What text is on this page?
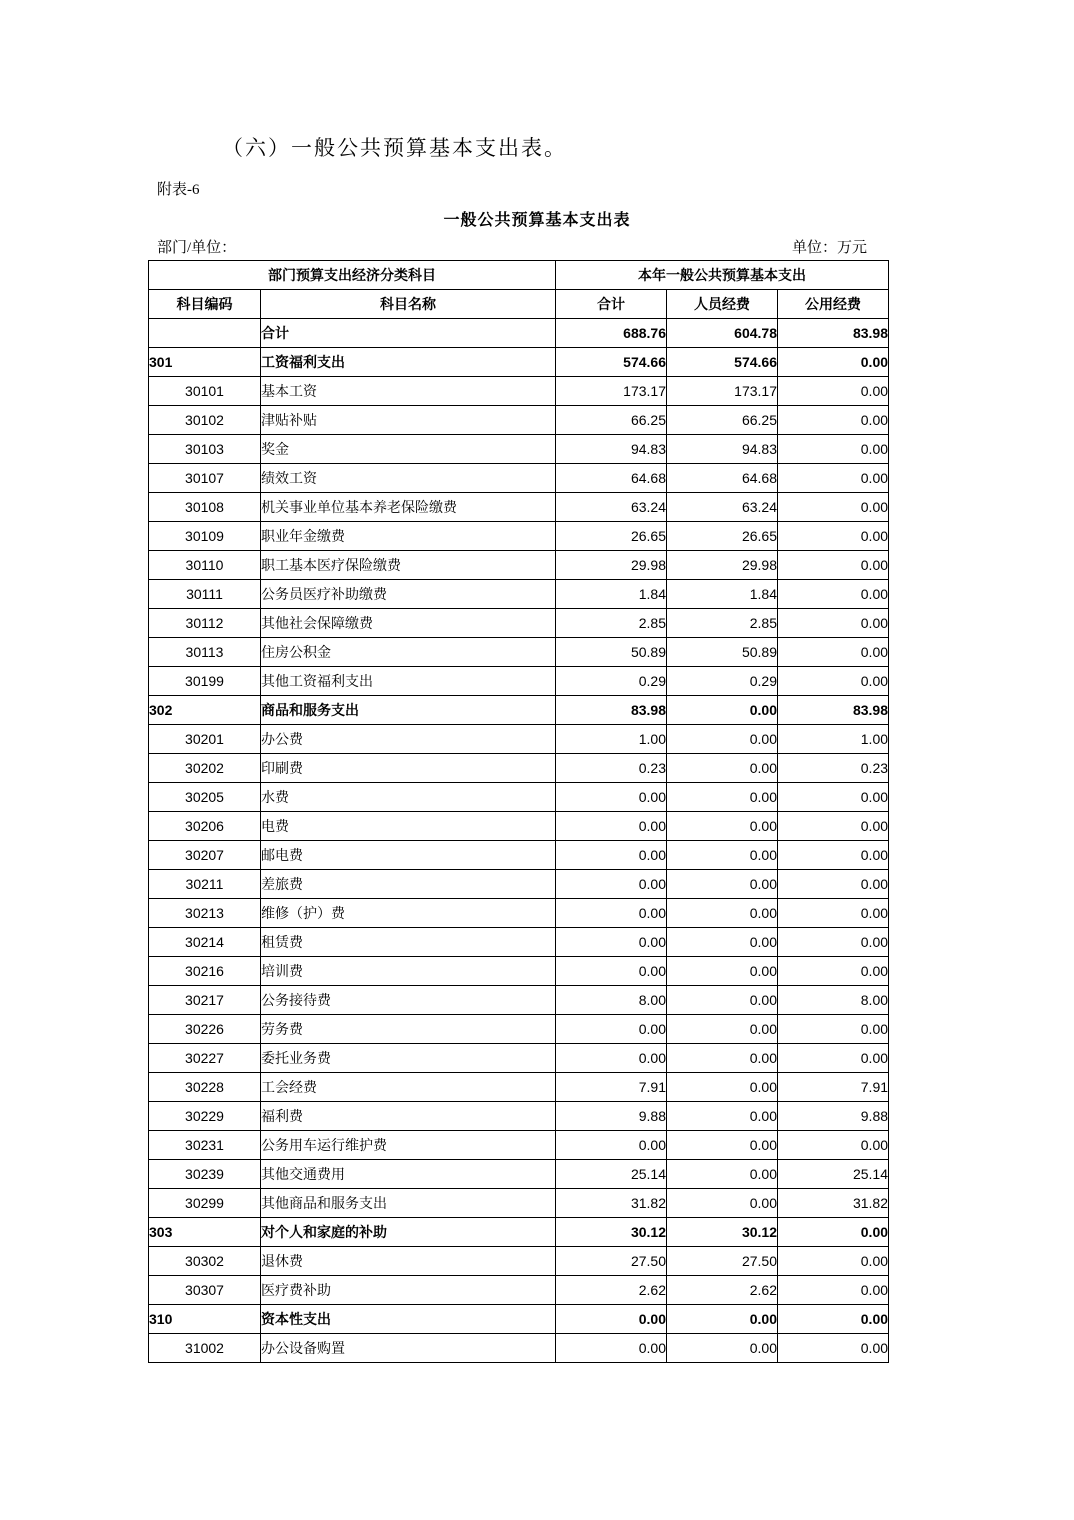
（六）一般公共预算基本支出表。
附表-6
一般公共预算基本支出表
部门/单位：	单位：万元
部门预算支出经济分类科目		本年一般公共预算基本支出		
科目编码	科目名称	合计	人员经费	公用经费
	合计	688.76	604.78	83.98
301	工资福利支出	574.66	574.66	0.00
30101	基本工资	173.17	173.17	0.00
30102	津贴补贴	66.25	66.25	0.00
30103	奖金	94.83	94.83	0.00
30107	绩效工资	64.68	64.68	0.00
30108	机关事业单位基本养老保险缴费	63.24	63.24	0.00
30109	职业年金缴费	26.65	26.65	0.00
30110	职工基本医疗保险缴费	29.98	29.98	0.00
30111	公务员医疗补助缴费	1.84	1.84	0.00
30112	其他社会保障缴费	2.85	2.85	0.00
30113	住房公积金	50.89	50.89	0.00
30199	其他工资福利支出	0.29	0.29	0.00
302	商品和服务支出	83.98	0.00	83.98
30201	办公费	1.00	0.00	1.00
30202	印刷费	0.23	0.00	0.23
30205	水费	0.00	0.00	0.00
30206	电费	0.00	0.00	0.00
30207	邮电费	0.00	0.00	0.00
30211	差旅费	0.00	0.00	0.00
30213	维修（护）费	0.00	0.00	0.00
30214	租赁费	0.00	0.00	0.00
30216	培训费	0.00	0.00	0.00
30217	公务接待费	8.00	0.00	8.00
30226	劳务费	0.00	0.00	0.00
30227	委托业务费	0.00	0.00	0.00
30228	工会经费	7.91	0.00	7.91
30229	福利费	9.88	0.00	9.88
30231	公务用车运行维护费	0.00	0.00	0.00
30239	其他交通费用	25.14	0.00	25.14
30299	其他商品和服务支出	31.82	0.00	31.82
303	对个人和家庭的补助	30.12	30.12	0.00
30302	退休费	27.50	27.50	0.00
30307	医疗费补助	2.62	2.62	0.00
310	资本性支出	0.00	0.00	0.00
31002	办公设备购置	0.00	0.00	0.00
